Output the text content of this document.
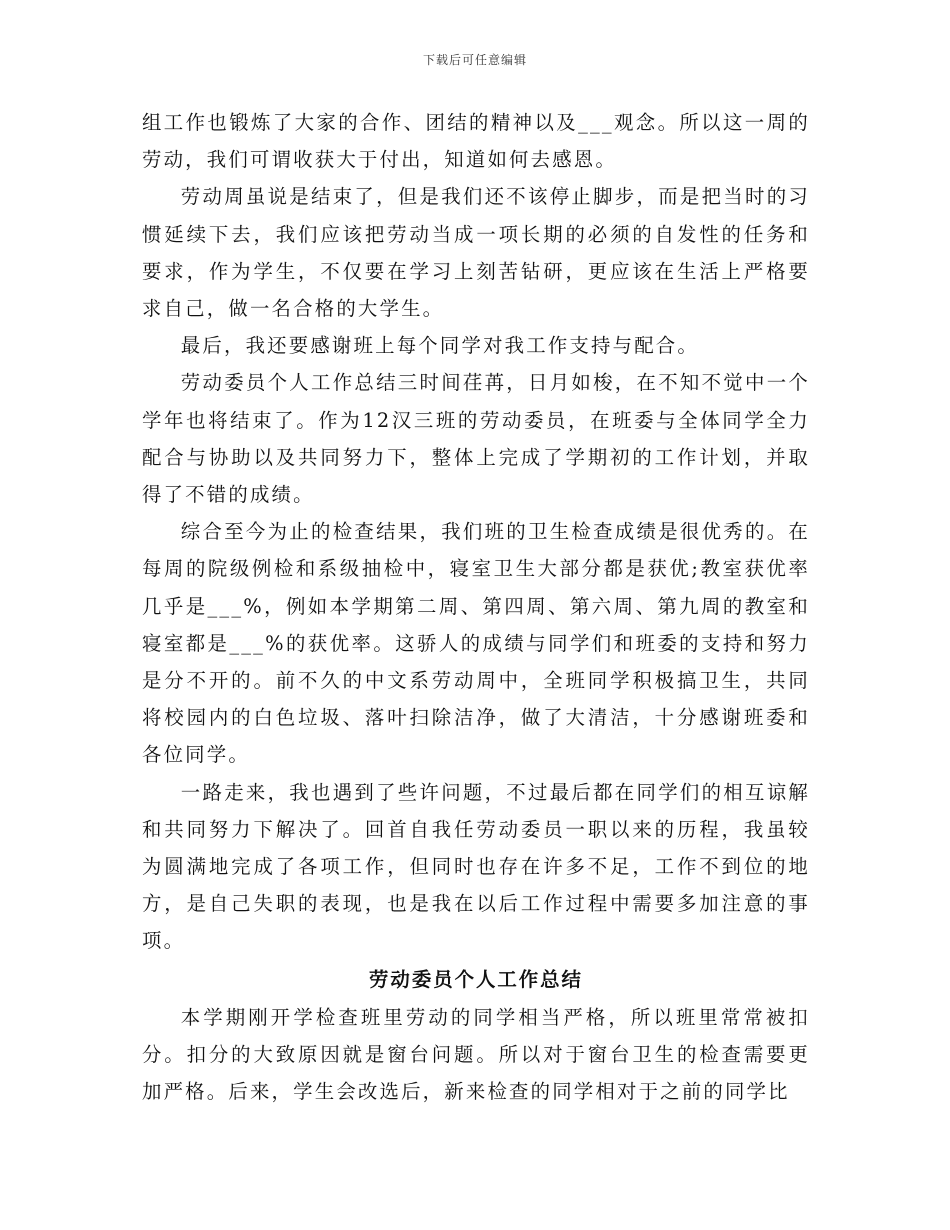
下载后可任意编辑

组工作也锻炼了大家的合作、团结的精神以及___观念。所以这一周的劳动，我们可谓收获大于付出，知道如何去感恩。

劳动周虽说是结束了，但是我们还不该停止脚步，而是把当时的习惯延续下去，我们应该把劳动当成一项长期的必须的自发性的任务和要求，作为学生，不仅要在学习上刻苦钻研，更应该在生活上严格要求自己，做一名合格的大学生。

最后，我还要感谢班上每个同学对我工作支持与配合。

劳动委员个人工作总结三时间荏苒，日月如梭，在不知不觉中一个学年也将结束了。作为12汉三班的劳动委员，在班委与全体同学全力配合与协助以及共同努力下，整体上完成了学期初的工作计划，并取得了不错的成绩。

综合至今为止的检查结果，我们班的卫生检查成绩是很优秀的。在每周的院级例检和系级抽检中，寝室卫生大部分都是获优;教室获优率几乎是___%，例如本学期第二周、第四周、第六周、第九周的教室和寝室都是___%的获优率。这骄人的成绩与同学们和班委的支持和努力是分不开的。前不久的中文系劳动周中，全班同学积极搞卫生，共同将校园内的白色垃圾、落叶扫除洁净，做了大清洁，十分感谢班委和各位同学。

一路走来，我也遇到了些许问题，不过最后都在同学们的相互谅解和共同努力下解决了。回首自我任劳动委员一职以来的历程，我虽较为圆满地完成了各项工作，但同时也存在许多不足，工作不到位的地方，是自己失职的表现，也是我在以后工作过程中需要多加注意的事项。

劳动委员个人工作总结

本学期刚开学检查班里劳动的同学相当严格，所以班里常常被扣分。扣分的大致原因就是窗台问题。所以对于窗台卫生的检查需要更加严格。后来，学生会改选后，新来检查的同学相对于之前的同学比
